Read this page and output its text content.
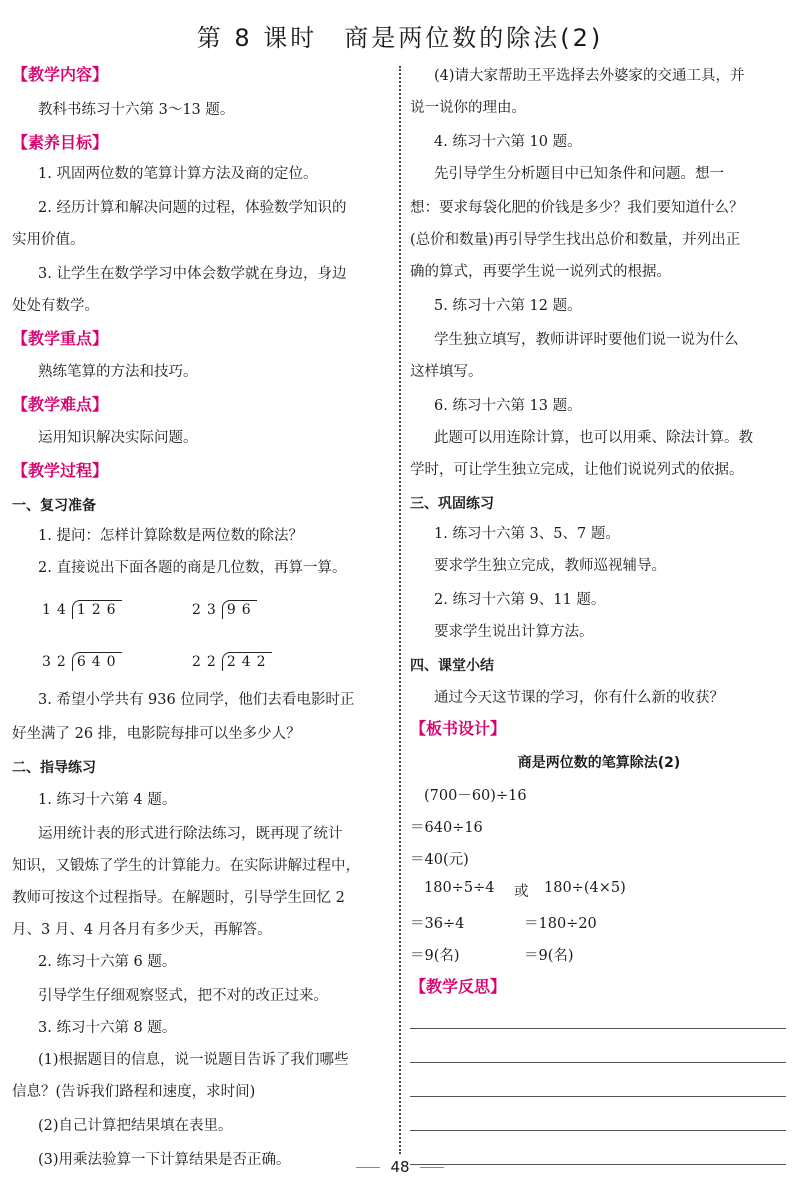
第 8 课时　商是两位数的除法(2)
【教学内容】
教科书练习十六第 3～13 题。
【素养目标】
1. 巩固两位数的笔算计算方法及商的定位。
2. 经历计算和解决问题的过程，体验数学知识的
实用价值。
3. 让学生在数学学习中体会数学就在身边，身边
处处有数学。
【教学重点】
熟练笔算的方法和技巧。
【教学难点】
运用知识解决实际问题。
【教学过程】
一、复习准备
1. 提问：怎样计算除数是两位数的除法？
2. 直接说出下面各题的商是几位数，再算一算。
14 126	23 96
32 640	22 242
3. 希望小学共有 936 位同学，他们去看电影时正
好坐满了 26 排，电影院每排可以坐多少人？
二、指导练习
1. 练习十六第 4 题。
运用统计表的形式进行除法练习，既再现了统计
知识，又锻炼了学生的计算能力。在实际讲解过程中，
教师可按这个过程指导。在解题时，引导学生回忆 2
月、3 月、4 月各月有多少天，再解答。
2. 练习十六第 6 题。
引导学生仔细观察竖式，把不对的改正过来。
3. 练习十六第 8 题。
(1)根据题目的信息，说一说题目告诉了我们哪些
信息？(告诉我们路程和速度，求时间)
(2)自己计算把结果填在表里。
(3)用乘法验算一下计算结果是否正确。
(4)请大家帮助王平选择去外婆家的交通工具，并
说一说你的理由。
4. 练习十六第 10 题。
先引导学生分析题目中已知条件和问题。想一
想：要求每袋化肥的价钱是多少？我们要知道什么？
(总价和数量)再引导学生找出总价和数量，并列出正
确的算式，再要学生说一说列式的根据。
5. 练习十六第 12 题。
学生独立填写，教师讲评时要他们说一说为什么
这样填写。
6. 练习十六第 13 题。
此题可以用连除计算，也可以用乘、除法计算。教
学时，可让学生独立完成，让他们说说列式的依据。
三、巩固练习
1. 练习十六第 3、5、7 题。
要求学生独立完成，教师巡视辅导。
2. 练习十六第 9、11 题。
要求学生说出计算方法。
四、课堂小结
通过今天这节课的学习，你有什么新的收获？
【板书设计】
商是两位数的笔算除法(2)
(700－60)÷16
＝640÷16
＝40(元)
180÷5÷4 或 180÷(4×5)
＝36÷4	＝180÷20
＝9(名)	＝9(名)
【教学反思】
48
